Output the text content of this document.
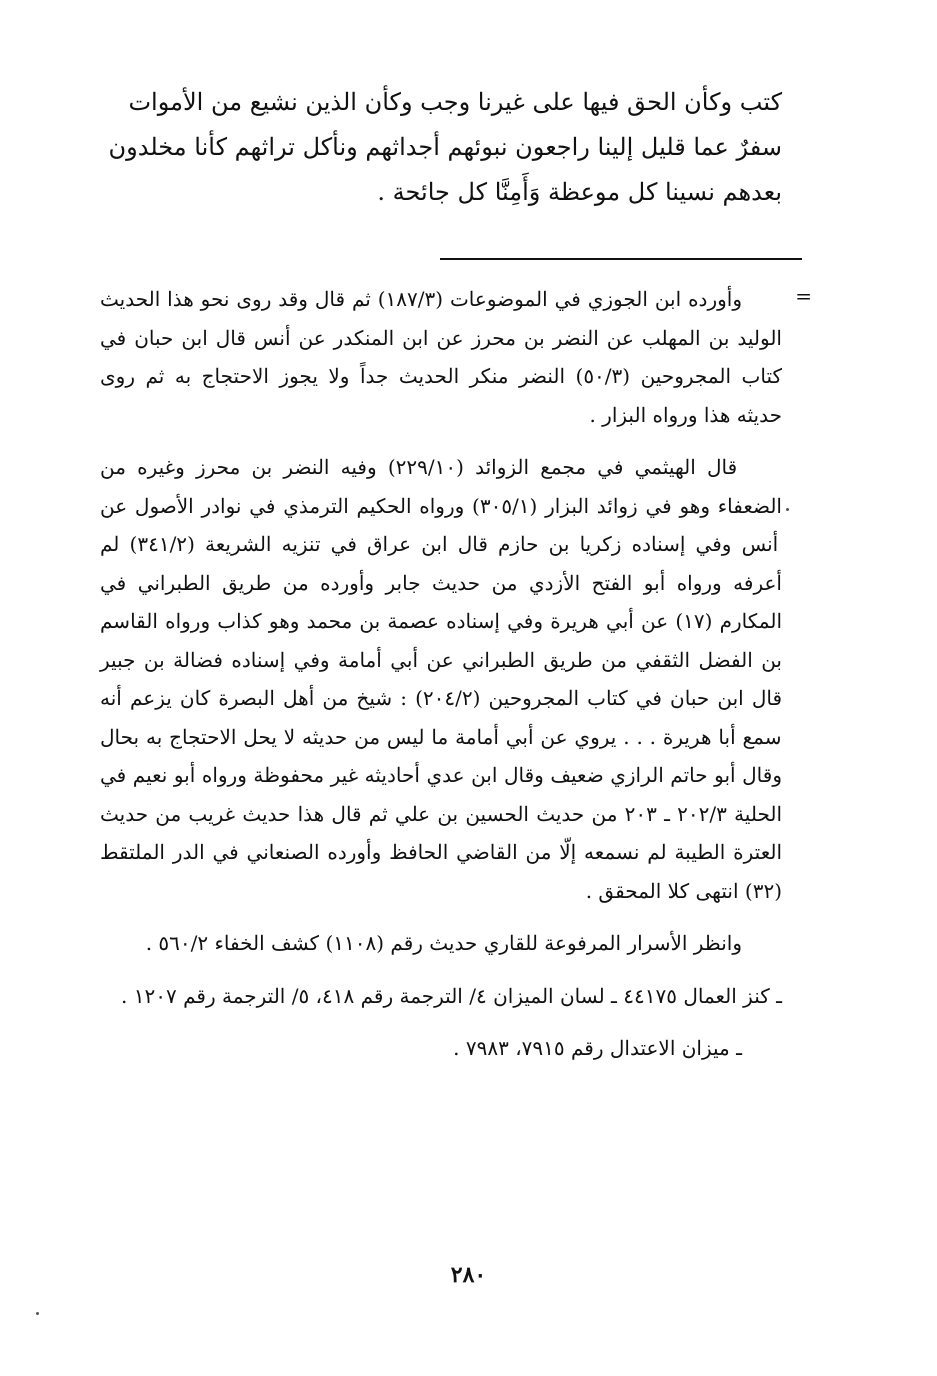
كتب وكأن الحق فيها على غيرنا وجب وكأن الذين نشيع من الأموات
سفرٌ عما قليل إلينا راجعون نبوئهم أجداثهم ونأكل تراثهم كأنا مخلدون
بعدهم نسينا كل موعظة وَأَمِنَّا كل جائحة .
=
وأورده ابن الجوزي في الموضوعات (١٨٧/٣) ثم قال وقد روى نحو هذا الحديث الوليد بن المهلب عن النضر بن محرز عن ابن المنكدر عن أنس قال ابن حبان في كتاب المجروحين (٥٠/٣) النضر منكر الحديث جداً ولا يجوز الاحتجاج به ثم روى حديثه هذا ورواه البزار .
قال الهيثمي في مجمع الزوائد (٢٢٩/١٠) وفيه النضر بن محرز وغيره من الضعفاء وهو في زوائد البزار (٣٠٥/١) ورواه الحكيم الترمذي في نوادر الأصول عن أنس وفي إسناده زكريا بن حازم قال ابن عراق في تنزيه الشريعة (٣٤١/٢) لم أعرفه ورواه أبو الفتح الأزدي من حديث جابر وأورده من طريق الطبراني في المكارم (١٧) عن أبي هريرة وفي إسناده عصمة بن محمد وهو كذاب ورواه القاسم بن الفضل الثقفي من طريق الطبراني عن أبي أمامة وفي إسناده فضالة بن جبير قال ابن حبان في كتاب المجروحين (٢٠٤/٢) : شيخ من أهل البصرة كان يزعم أنه سمع أبا هريرة . . . يروي عن أبي أمامة ما ليس من حديثه لا يحل الاحتجاج به بحال وقال أبو حاتم الرازي ضعيف وقال ابن عدي أحاديثه غير محفوظة ورواه أبو نعيم في الحلية ٢٠٢/٣ ـ ٢٠٣ من حديث الحسين بن علي ثم قال هذا حديث غريب من حديث العترة الطيبة لم نسمعه إلّا من القاضي الحافظ وأورده الصنعاني في الدر الملتقط (٣٢) انتهى كلا المحقق .
وانظر الأسرار المرفوعة للقاري حديث رقم (١١٠٨) كشف الخفاء ٥٦٠/٢ .
ـ كنز العمال ٤٤١٧٥ ـ لسان الميزان ٤/ الترجمة رقم ٤١٨، ٥/ الترجمة رقم ١٢٠٧ .
ـ ميزان الاعتدال رقم ٧٩١٥، ٧٩٨٣ .
٢٨٠
